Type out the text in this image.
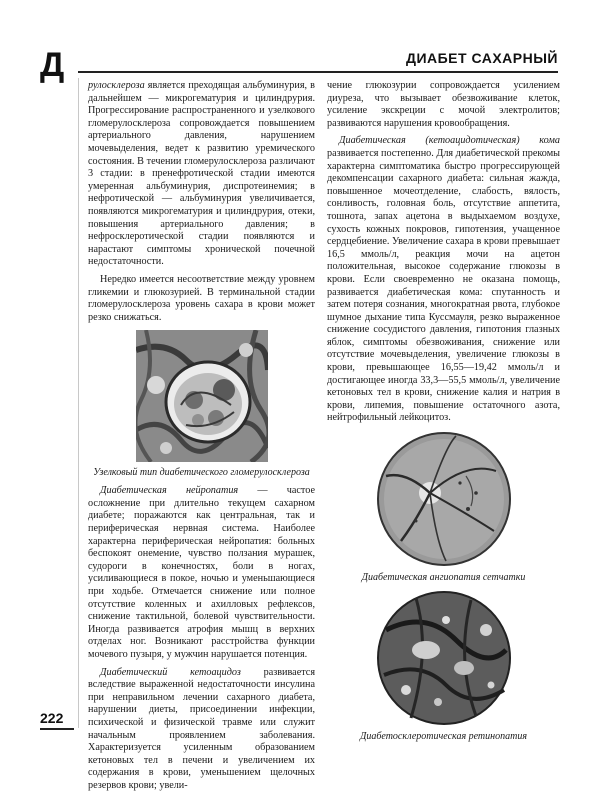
Д	ДИАБЕТ САХАРНЫЙ

рулосклероза является преходящая альбуминурия, в дальнейшем — микрогематурия и цилиндрурия. Прогрессирование распространенного и узелкового гломерулосклероза сопровождается повышением артериального давления, нарушением мочевыделения, ведет к развитию уремического состояния. В течении гломерулосклероза различают 3 стадии: в пренефротической стадии имеются умеренная альбуминурия, диспротеинемия; в нефротической — альбуминурия увеличивается, появляются микрогематурия и цилиндрурия, отеки, повышения артериального давления; в нефросклеротической стадии появляются и нарастают симптомы хронической почечной недостаточности.

Нередко имеется несоответствие между уровнем гликемии и глюкозурией. В терминальной стадии гломерулосклероза уровень сахара в крови может резко снижаться.

Узелковый тип диабетического гломерулосклероза

Диабетическая нейропатия — частое осложнение при длительно текущем сахарном диабете; поражаются как центральная, так и периферическая нервная система. Наиболее характерна периферическая нейропатия: больных беспокоят онемение, чувство ползания мурашек, судороги в конечностях, боли в ногах, усиливающиеся в покое, ночью и уменьшающиеся при ходьбе. Отмечается снижение или полное отсутствие коленных и ахилловых рефлексов, снижение тактильной, болевой чувствительности. Иногда развивается атрофия мышц в верхних отделах ног. Возникают расстройства функции мочевого пузыря, у мужчин нарушается потенция.

Диабетический кетоацидоз развивается вследствие выраженной недостаточности инсулина при неправильном лечении сахарного диабета, нарушении диеты, присоединении инфекции, психической и физической травме или служит начальным проявлением заболевания. Характеризуется усиленным образованием кетоновых тел в печени и увеличением их содержания в крови, уменьшением щелочных резервов крови; увели-

чение глюкозурии сопровождается усилением диуреза, что вызывает обезвоживание клеток, усиление экскреции с мочой электролитов; развиваются нарушения кровообращения.

Диабетическая (кетоацидотическая) кома развивается постепенно. Для диабетической прекомы характерна симптоматика быстро прогрессирующей декомпенсации сахарного диабета: сильная жажда, повышенное мочеотделение, слабость, вялость, сонливость, головная боль, отсутствие аппетита, тошнота, запах ацетона в выдыхаемом воздухе, сухость кожных покровов, гипотензия, учащенное сердцебиение. Увеличение сахара в крови превышает 16,5 ммоль/л, реакция мочи на ацетон положительная, высокое содержание глюкозы в крови. Если своевременно не оказана помощь, развивается диабетическая кома: спутанность и затем потеря сознания, многократная рвота, глубокое шумное дыхание типа Куссмауля, резко выраженное снижение сосудистого давления, гипотония глазных яблок, симптомы обезвоживания, снижение или отсутствие мочевыделения, увеличение глюкозы в крови, превышающее 16,55—19,42 ммоль/л и достигающее иногда 33,3—55,5 ммоль/л, увеличение кетоновых тел в крови, снижение калия и натрия в крови, липемия, повышение остаточного азота, нейтрофильный лейкоцитоз.

Диабетическая ангиопатия сетчатки
Диабетосклеротическая ретинопатия
222
